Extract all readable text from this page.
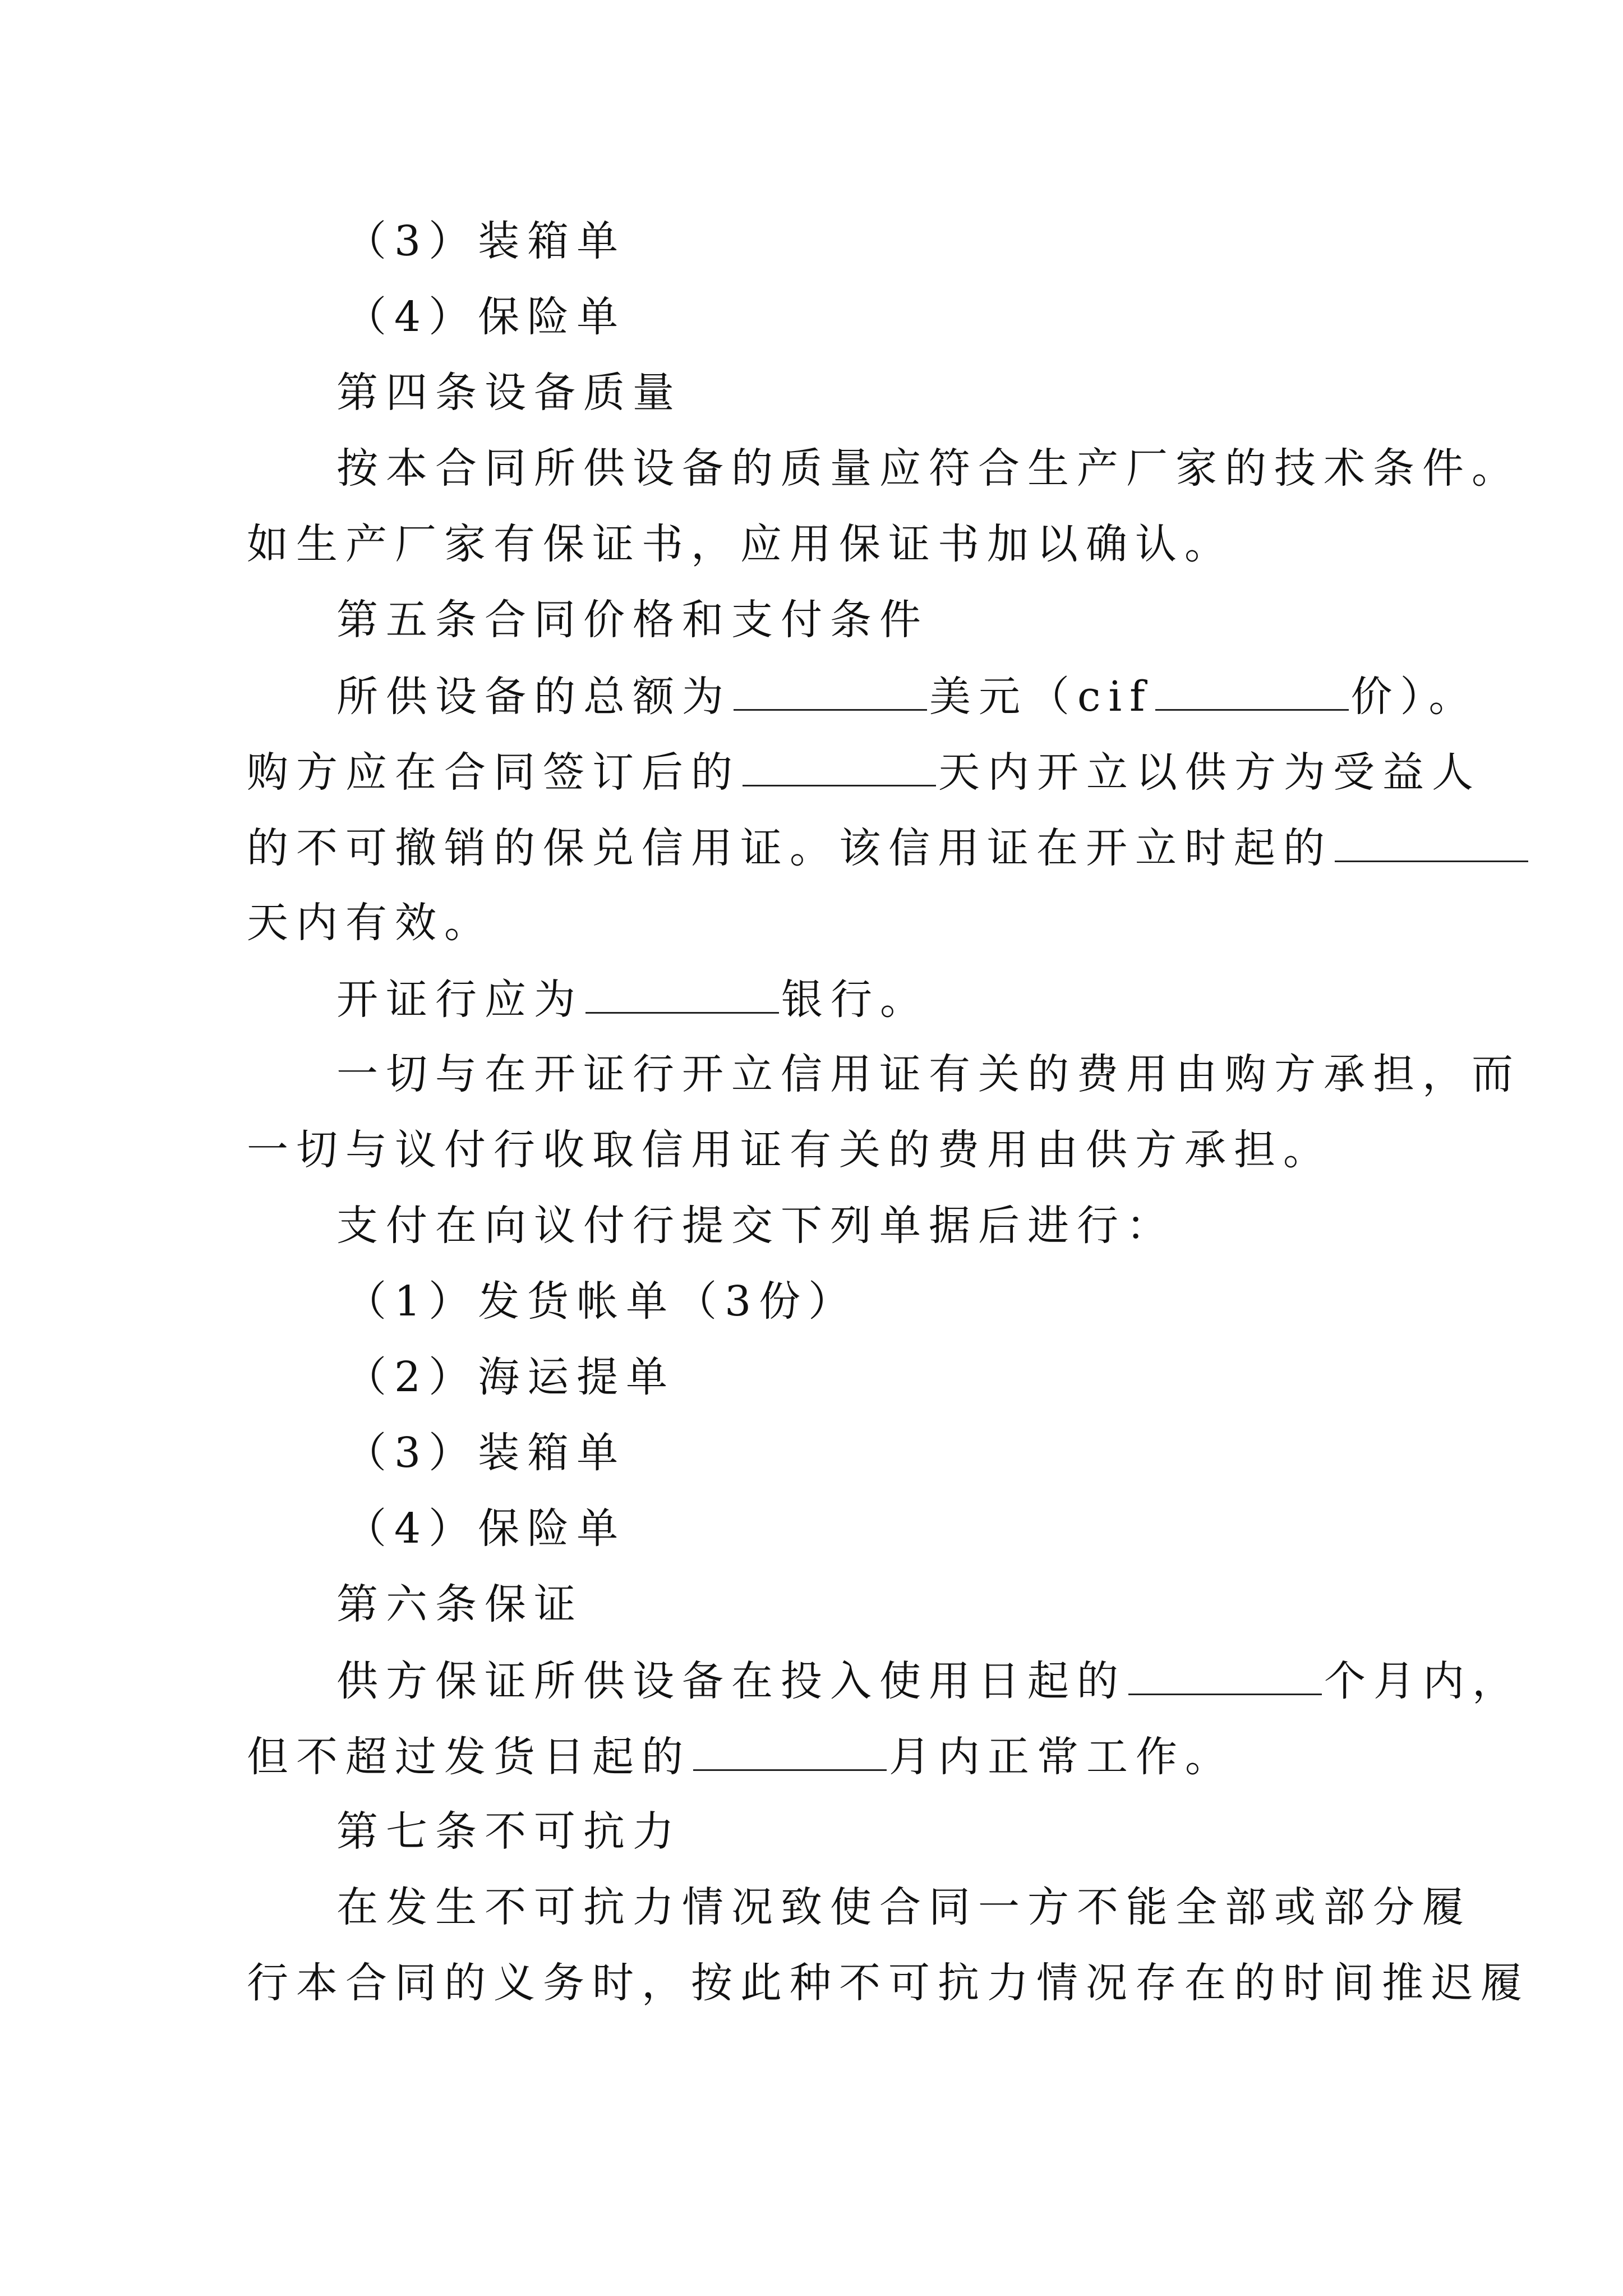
（3）装箱单
（4）保险单
第四条设备质量
按本合同所供设备的质量应符合生产厂家的技术条件。
如生产厂家有保证书，应用保证书加以确认。
第五条合同价格和支付条件
所供设备的总额为	美元（cif	价）。
购方应在合同签订后的	天内开立以供方为受益人
的不可撤销的保兑信用证。该信用证在开立时起的
天内有效。
开证行应为	银行。
一切与在开证行开立信用证有关的费用由购方承担，而
一切与议付行收取信用证有关的费用由供方承担。
支付在向议付行提交下列单据后进行：
（1）发货帐单（3份）
（2）海运提单
（3）装箱单
（4）保险单
第六条保证
供方保证所供设备在投入使用日起的	个月内，
但不超过发货日起的	月内正常工作。
第七条不可抗力
在发生不可抗力情况致使合同一方不能全部或部分履
行本合同的义务时，按此种不可抗力情况存在的时间推迟履
